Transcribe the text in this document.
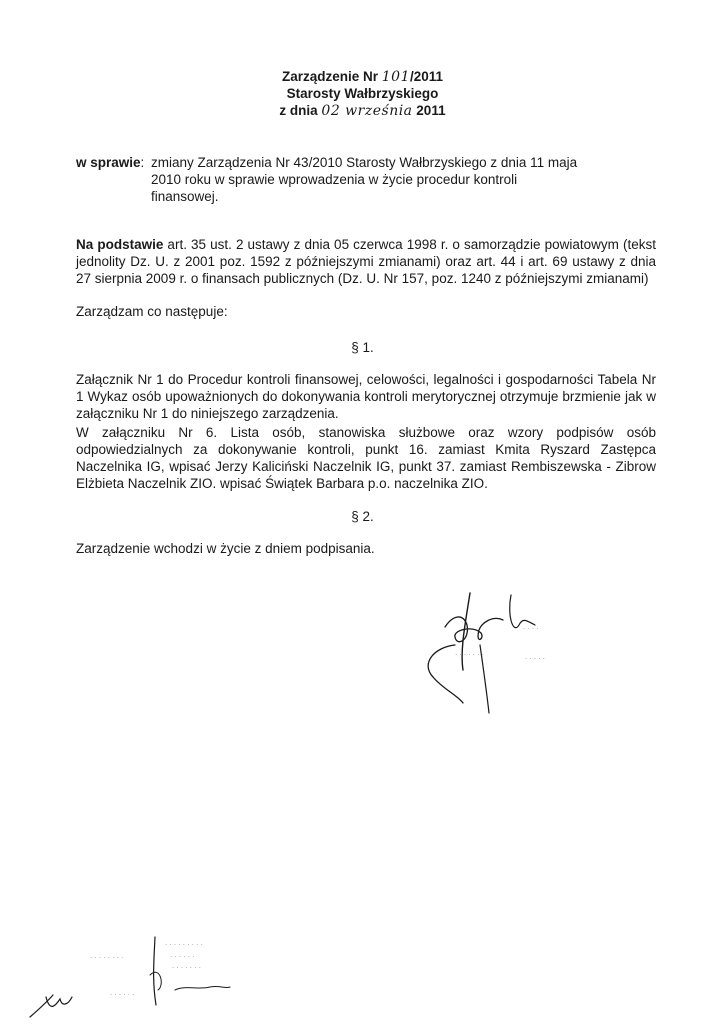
Zarządzenie Nr 101/2011
Starosty Wałbrzyskiego
z dnia 02 września 2011
w sprawie: zmiany Zarządzenia Nr 43/2010 Starosty Wałbrzyskiego z dnia 11 maja 2010 roku w sprawie wprowadzenia w życie procedur kontroli finansowej.
Na podstawie art. 35 ust. 2 ustawy z dnia 05 czerwca 1998 r. o samorządzie powiatowym (tekst jednolity Dz. U. z 2001 poz. 1592 z późniejszymi zmianami) oraz art. 44 i art. 69 ustawy z dnia 27 sierpnia 2009 r. o finansach publicznych (Dz. U. Nr 157, poz. 1240 z późniejszymi zmianami)
Zarządzam co następuje:
§ 1.
Załącznik Nr 1 do Procedur kontroli finansowej, celowości, legalności i gospodarności Tabela Nr 1 Wykaz osób upoważnionych do dokonywania kontroli merytorycznej otrzymuje brzmienie jak w załączniku Nr 1 do niniejszego zarządzenia.
W załączniku Nr 6. Lista osób, stanowiska służbowe oraz wzory podpisów osób odpowiedzialnych za dokonywanie kontroli, punkt 16. zamiast Kmita Ryszard Zastępca Naczelnika IG, wpisać Jerzy Kaliciński Naczelnik IG, punkt 37. zamiast Rembiszewska - Zibrow Elżbieta Naczelnik ZIO. wpisać Świątek Barbara p.o. naczelnika ZIO.
§ 2.
Zarządzenie wchodzi w życie z dniem podpisania.
· · · ·
· · · · ·
· · · · · · ·
· · · · · · · ·
· · · · · · · · ·
· · · · · ·
· · · · · · ·
· · · · · ·
